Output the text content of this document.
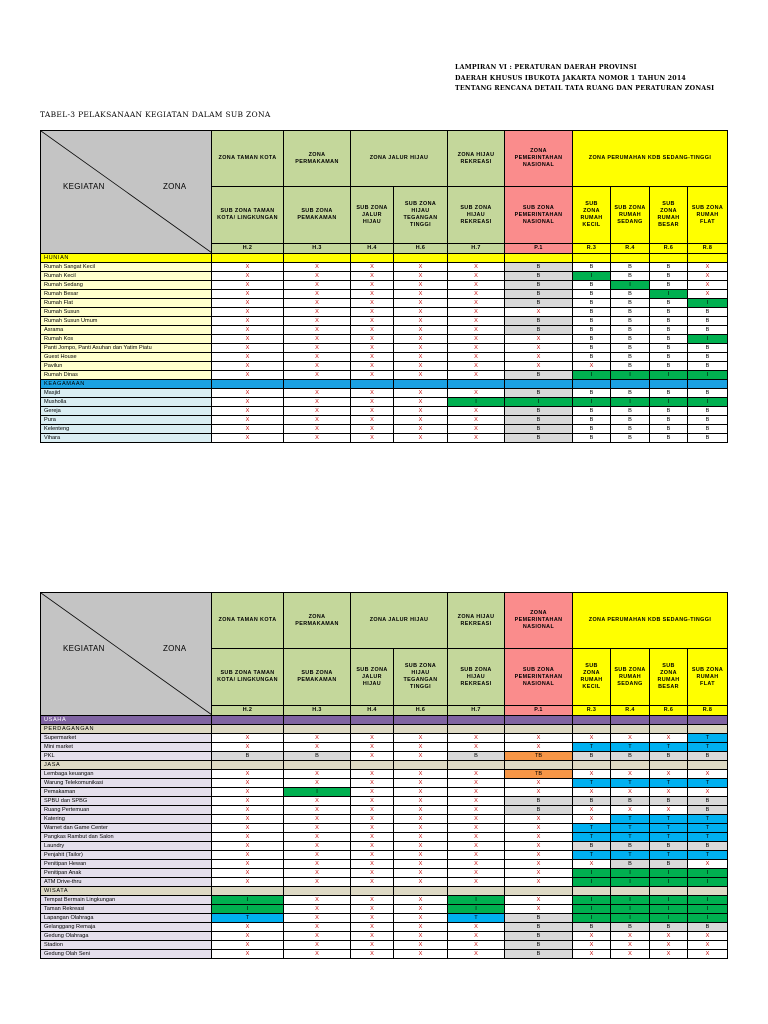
LAMPIRAN VI : PERATURAN DAERAH PROVINSI
DAERAH KHUSUS IBUKOTA JAKARTA NOMOR 1 TAHUN 2014
TENTANG RENCANA DETAIL TATA RUANG DAN PERATURAN ZONASI
TABEL-3 PELAKSANAAN KEGIATAN DALAM SUB ZONA
KEGIATAN ZONA	ZONA TAMAN KOTA	ZONA PERMAKAMAN	ZONA JALUR HIJAU		ZONA HIJAU REKREASI	ZONA PEMERINTAHAN NASIONAL	ZONA PERUMAHAN KDB SEDANG-TINGGI			
	SUB ZONA TAMAN KOTA/ LINGKUNGAN	SUB ZONA PEMAKAMAN	SUB ZONA JALUR HIJAU	SUB ZONA HIJAU TEGANGAN TINGGI	SUB ZONA HIJAU REKREASI	SUB ZONA PEMERINTAHAN NASIONAL	SUB ZONA RUMAH KECIL	SUB ZONA RUMAH SEDANG	SUB ZONA RUMAH BESAR	SUB ZONA RUMAH FLAT
	H.2	H.3	H.4	H.6	H.7	P.1	R.3	R.4	R.6	R.8
HUNIAN										
Rumah Sangat Kecil	X	X	X	X	X	B	B	B	B	X
Rumah Kecil	X	X	X	X	X	B	I	B	B	X
Rumah Sedang	X	X	X	X	X	B	B	I	B	X
Rumah Besar	X	X	X	X	X	B	B	B	I	X
Rumah Flat	X	X	X	X	X	B	B	B	B	I
Rumah Susun	X	X	X	X	X	X	B	B	B	B
Rumah Susun Umum	X	X	X	X	X	B	B	B	B	B
Asrama	X	X	X	X	X	B	B	B	B	B
Rumah Kos	X	X	X	X	X	X	B	B	B	I
Panti Jompo, Panti Asuhan dan Yatim Piatu	X	X	X	X	X	X	B	B	B	B
Guest House	X	X	X	X	X	X	B	B	B	B
Pavilun	X	X	X	X	X	X	X	B	B	B
Rumah Dinas	X	X	X	X	X	B	I	I	I	I
KEAGAMAAN										
Masjid	X	X	X	X	X	B	B	B	B	B
Mushollа	X	X	X	X	I	I	I	I	I	I
Gereja	X	X	X	X	X	B	B	B	B	B
Pura	X	X	X	X	X	B	B	B	B	B
Kelenteng	X	X	X	X	X	B	B	B	B	B
Vihara	X	X	X	X	X	B	B	B	B	B
KEGIATAN ZONA	ZONA TAMAN KOTA	ZONA PERMAKAMAN	ZONA JALUR HIJAU		ZONA HIJAU REKREASI	ZONA PEMERINTAHAN NASIONAL	ZONA PERUMAHAN KDB SEDANG-TINGGI			
	SUB ZONA TAMAN KOTA/ LINGKUNGAN	SUB ZONA PEMAKAMAN	SUB ZONA JALUR HIJAU	SUB ZONA HIJAU TEGANGAN TINGGI	SUB ZONA HIJAU REKREASI	SUB ZONA PEMERINTAHAN NASIONAL	SUB ZONA RUMAH KECIL	SUB ZONA RUMAH SEDANG	SUB ZONA RUMAH BESAR	SUB ZONA RUMAH FLAT
	H.2	H.3	H.4	H.6	H.7	P.1	R.3	R.4	R.6	R.8
USAHA										
PERDAGANGAN										
Supermarket	X	X	X	X	X	X	X	X	X	T
Mini market	X	X	X	X	X	X	T	T	T	T
PKL	B	B	X	X	B	TB	B	B	B	B
JASA										
Lembaga keuangan	X	X	X	X	X	TB	X	X	X	X
Warung Telekomunikasi	X	X	X	X	X	X	T	T	T	T
Pemakaman	X	I	X	X	X	X	X	X	X	X
SPBU dan SPBG	X	X	X	X	X	B	B	B	B	B
Ruang Pertemuan	X	X	X	X	X	B	X	X	X	B
Katering	X	X	X	X	X	X	X	T	T	T
Warnet dan Game Center	X	X	X	X	X	X	T	T	T	T
Pangkas Rambut dan Salon	X	X	X	X	X	X	T	T	T	T
Laundry	X	X	X	X	X	X	B	B	B	B
Penjahit (Tailor)	X	X	X	X	X	X	T	T	T	T
Penitipan Hewan	X	X	X	X	X	X	X	B	B	X
Penitipan Anak	X	X	X	X	X	X	I	I	I	I
ATM Drive-thru	X	X	X	X	X	X	I	I	I	I
WISATA										
Tempat Bermain Lingkungan	I	X	X	X	I	X	I	I	I	I
Taman Rekreasi	I	X	X	X	I	X	I	I	I	I
Lapangan Olahraga	T	X	X	X	T	B	I	I	I	I
Gelanggang Remaja	X	X	X	X	X	B	B	B	B	B
Gedung Olahraga	X	X	X	X	X	B	X	X	X	X
Stadion	X	X	X	X	X	B	X	X	X	X
Gedung Olah Seni	X	X	X	X	X	B	X	X	X	X
